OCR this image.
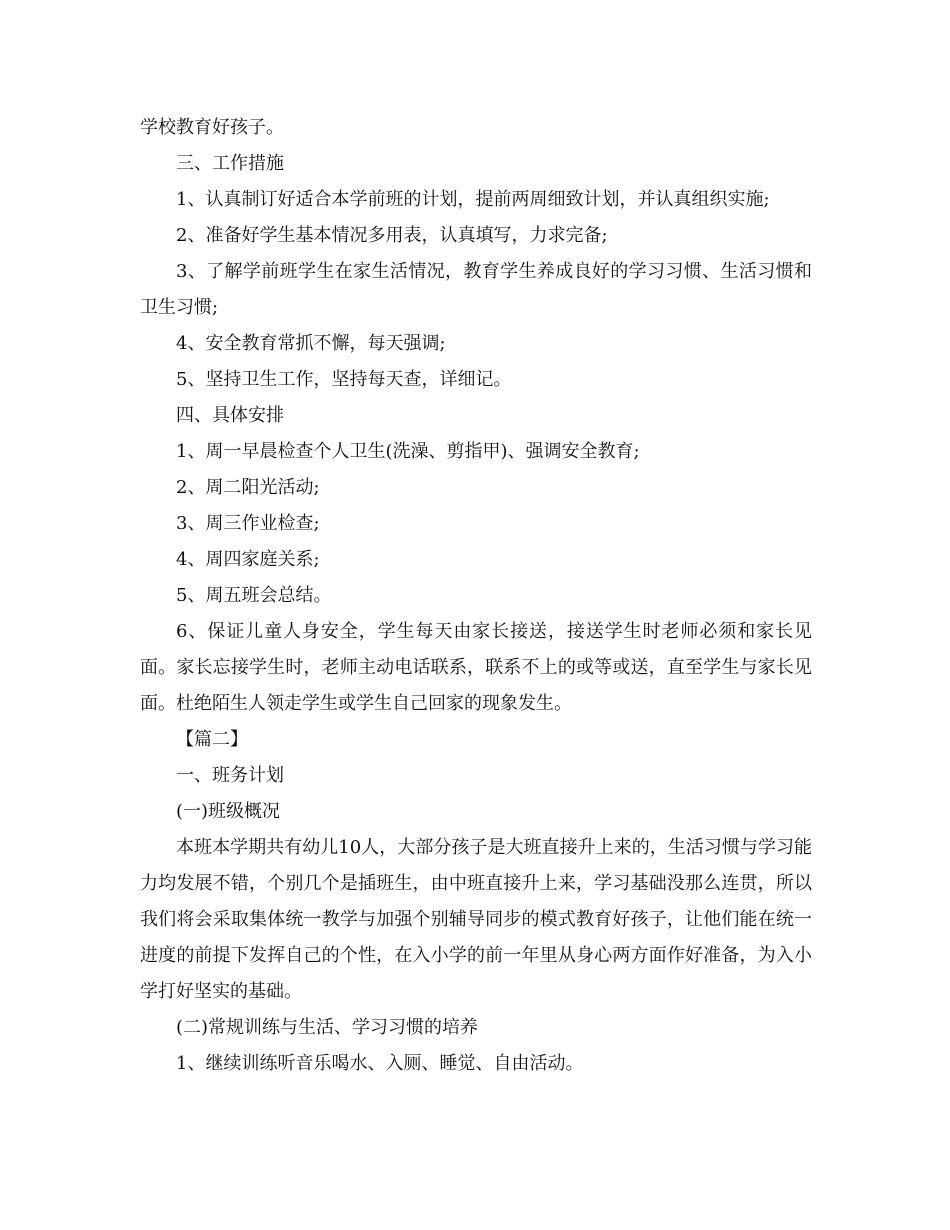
学校教育好孩子。

三、工作措施

1、认真制订好适合本学前班的计划，提前两周细致计划，并认真组织实施;

2、准备好学生基本情况多用表，认真填写，力求完备;

3、了解学前班学生在家生活情况，教育学生养成良好的学习习惯、生活习惯和卫生习惯;

4、安全教育常抓不懈，每天强调;

5、坚持卫生工作，坚持每天查，详细记。

四、具体安排

1、周一早晨检查个人卫生(洗澡、剪指甲)、强调安全教育;

2、周二阳光活动;

3、周三作业检查;

4、周四家庭关系;

5、周五班会总结。

6、保证儿童人身安全，学生每天由家长接送，接送学生时老师必须和家长见面。家长忘接学生时，老师主动电话联系，联系不上的或等或送，直至学生与家长见面。杜绝陌生人领走学生或学生自己回家的现象发生。

【篇二】

一、班务计划

(一)班级概况

本班本学期共有幼儿10人，大部分孩子是大班直接升上来的，生活习惯与学习能力均发展不错，个别几个是插班生，由中班直接升上来，学习基础没那么连贯，所以我们将会采取集体统一教学与加强个别辅导同步的模式教育好孩子，让他们能在统一进度的前提下发挥自己的个性，在入小学的前一年里从身心两方面作好准备，为入小学打好坚实的基础。

(二)常规训练与生活、学习习惯的培养

1、继续训练听音乐喝水、入厕、睡觉、自由活动。
